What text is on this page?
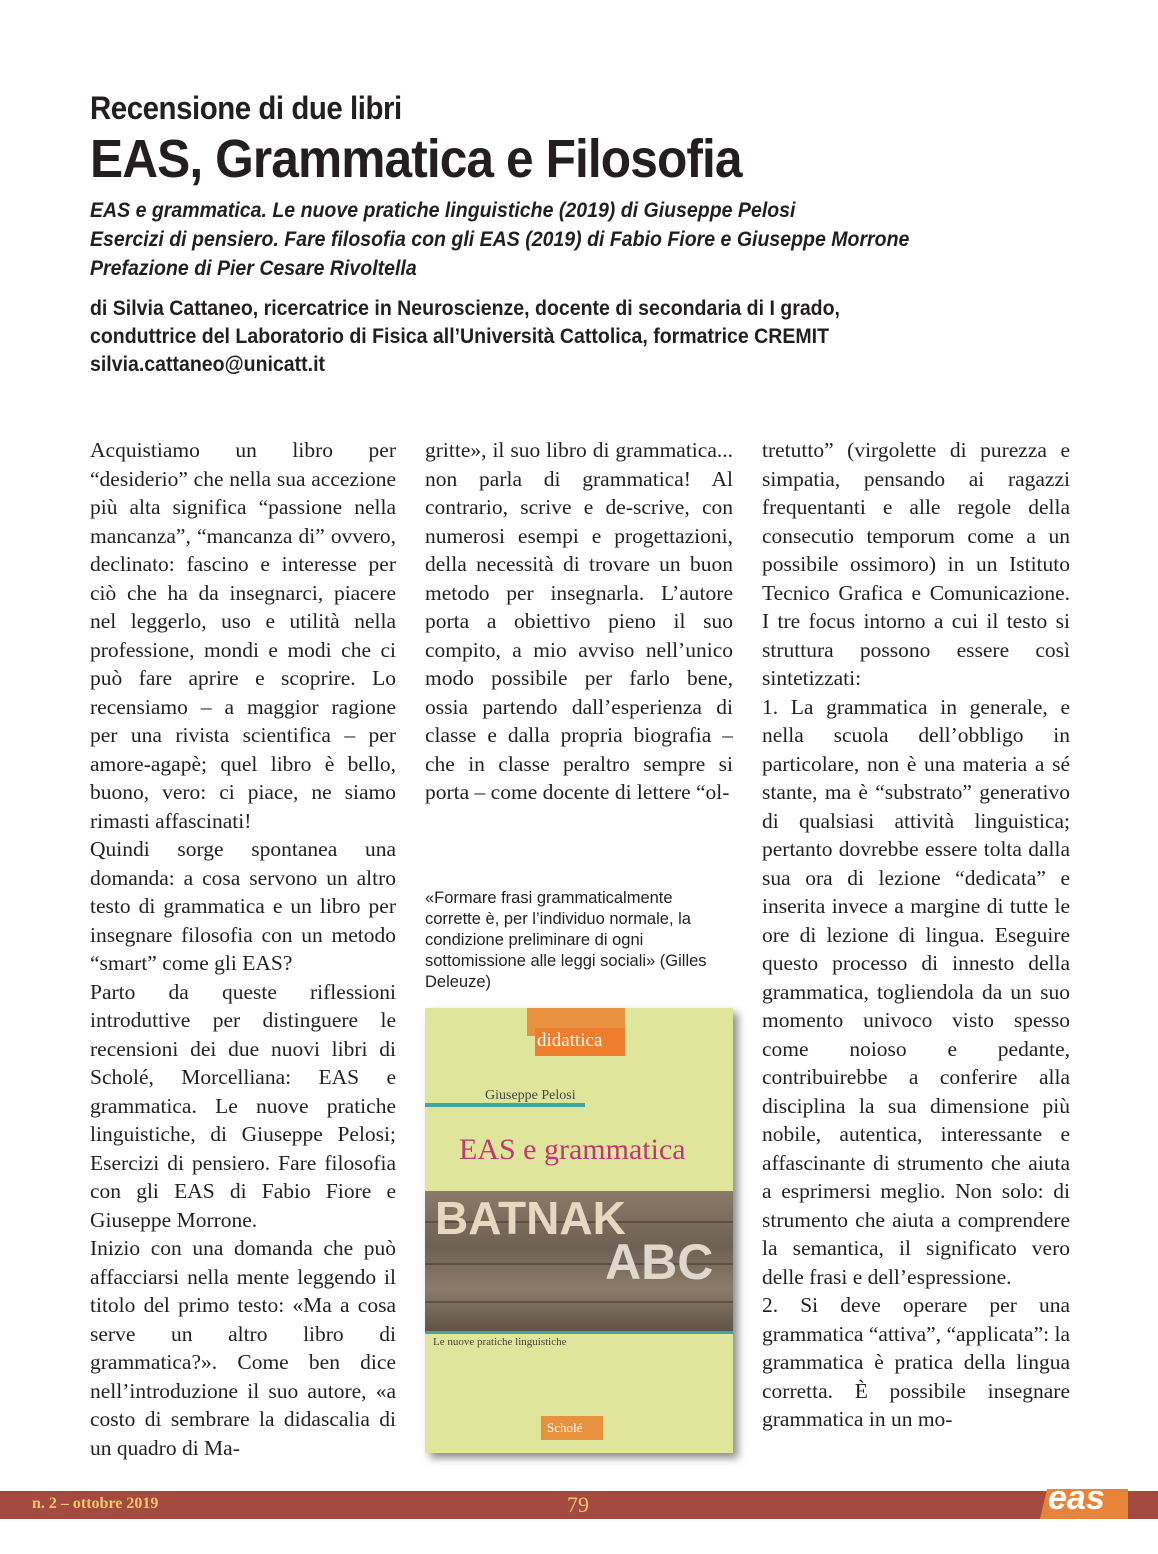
Recensione di due libri

EAS, Grammatica e Filosofia

EAS e grammatica. Le nuove pratiche linguistiche (2019) di Giuseppe Pelosi
Esercizi di pensiero. Fare filosofia con gli EAS (2019) di Fabio Fiore e Giuseppe Morrone
Prefazione di Pier Cesare Rivoltella
di Silvia Cattaneo, ricercatrice in Neuroscienze, docente di secondaria di I grado,
conduttrice del Laboratorio di Fisica all’Università Cattolica, formatrice CREMIT
silvia.cattaneo@unicatt.it

Acquistiamo un libro per “desiderio” che nella sua accezione più alta significa “passione nella mancanza”, “mancanza di” ovvero, declinato: fascino e interesse per ciò che ha da insegnarci, piacere nel leggerlo, uso e utilità nella professione, mondi e modi che ci può fare aprire e scoprire. Lo recensiamo – a maggior ragione per una rivista scientifica – per amore-agapè; quel libro è bello, buono, vero: ci piace, ne siamo rimasti affascinati!

Quindi sorge spontanea una domanda: a cosa servono un altro testo di grammatica e un libro per insegnare filosofia con un metodo “smart” come gli EAS?

Parto da queste riflessioni introduttive per distinguere le recensioni dei due nuovi libri di Scholé, Morcelliana: EAS e grammatica. Le nuove pratiche linguistiche, di Giuseppe Pelosi; Esercizi di pensiero. Fare filosofia con gli EAS di Fabio Fiore e Giuseppe Morrone.

Inizio con una domanda che può affacciarsi nella mente leggendo il titolo del primo testo: «Ma a cosa serve un altro libro di grammatica?». Come ben dice nell’introduzione il suo autore, «a costo di sembrare la didascalia di un quadro di Ma-

gritte», il suo libro di grammatica... non parla di grammatica! Al contrario, scrive e de-scrive, con numerosi esempi e progettazioni, della necessità di trovare un buon metodo per insegnarla. L’autore porta a obiettivo pieno il suo compito, a mio avviso nell’unico modo possibile per farlo bene, ossia partendo dall’esperienza di classe e dalla propria biografia – che in classe peraltro sempre si porta – come docente di lettere “ol-

«Formare frasi grammaticalmente corrette è, per l’individuo normale, la condizione preliminare di ogni sottomissione alle leggi sociali» (Gilles Deleuze)
didattica
Giuseppe Pelosi
EAS e grammatica
BATNAK
ABC
Le nuove pratiche linguistiche
Scholé

tretutto” (virgolette di purezza e simpatia, pensando ai ragazzi frequentanti e alle regole della consecutio temporum come a un possibile ossimoro) in un Istituto Tecnico Grafica e Comunicazione. I tre focus intorno a cui il testo si struttura possono essere così sintetizzati:

1. La grammatica in generale, e nella scuola dell’obbligo in particolare, non è una materia a sé stante, ma è “substrato” generativo di qualsiasi attività linguistica; pertanto dovrebbe essere tolta dalla sua ora di lezione “dedicata” e inserita invece a margine di tutte le ore di lezione di lingua. Eseguire questo processo di innesto della grammatica, togliendola da un suo momento univoco visto spesso come noioso e pedante, contribuirebbe a conferire alla disciplina la sua dimensione più nobile, autentica, interessante e affascinante di strumento che aiuta a esprimersi meglio. Non solo: di strumento che aiuta a comprendere la semantica, il significato vero delle frasi e dell’espressione.

2. Si deve operare per una grammatica “attiva”, “applicata”: la grammatica è pratica della lingua corretta. È possibile insegnare grammatica in un mo-

n. 2 – ottobre 2019	79	eas
